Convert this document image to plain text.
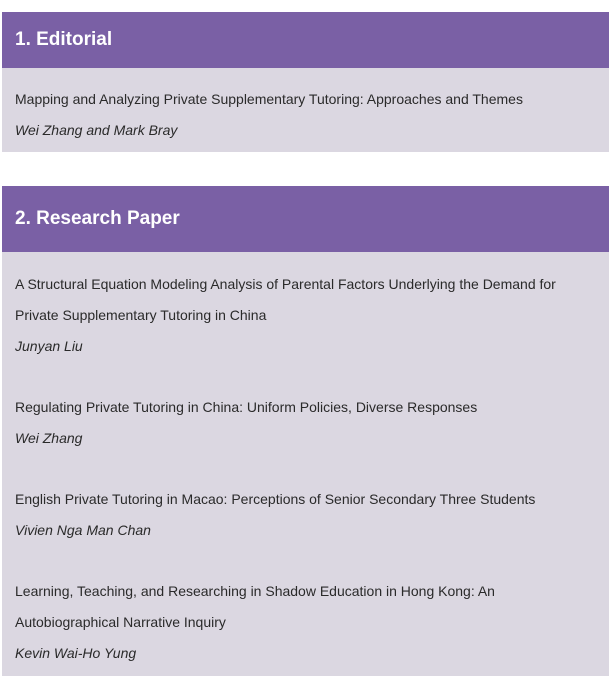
1. Editorial

Mapping and Analyzing Private Supplementary Tutoring: Approaches and Themes

Wei Zhang and Mark Bray

2. Research Paper

A Structural Equation Modeling Analysis of Parental Factors Underlying the Demand for Private Supplementary Tutoring in China

Junyan Liu

Regulating Private Tutoring in China: Uniform Policies, Diverse Responses

Wei Zhang

English Private Tutoring in Macao: Perceptions of Senior Secondary Three Students

Vivien Nga Man Chan

Learning, Teaching, and Researching in Shadow Education in Hong Kong: An Autobiographical Narrative Inquiry

Kevin Wai-Ho Yung
